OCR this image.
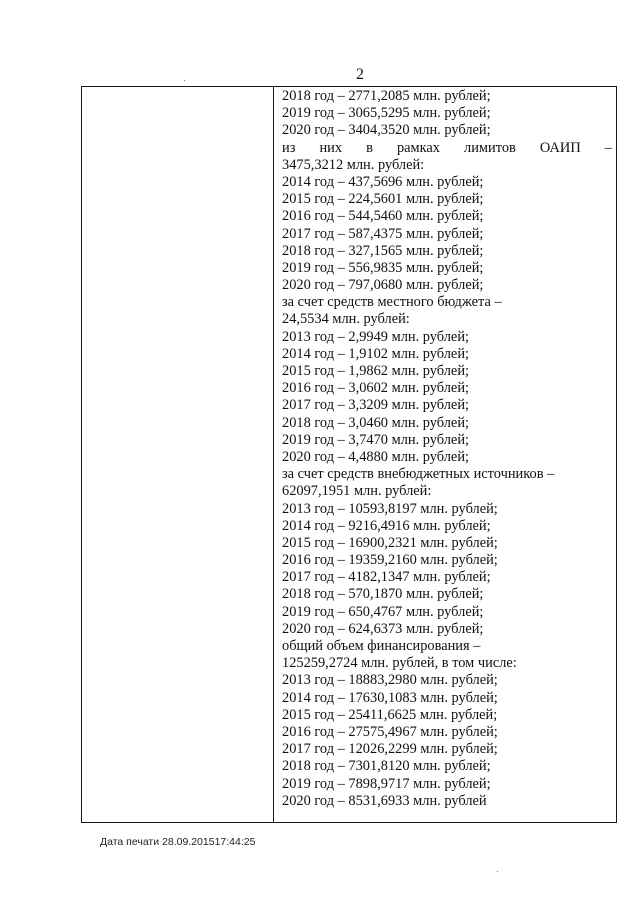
2
2018 год – 2771,2085 млн. рублей;
2019 год – 3065,5295 млн. рублей;
2020 год – 3404,3520 млн. рублей;
из них в рамках лимитов ОАИП –
3475,3212 млн. рублей:
2014 год – 437,5696 млн. рублей;
2015 год – 224,5601 млн. рублей;
2016 год – 544,5460 млн. рублей;
2017 год – 587,4375 млн. рублей;
2018 год – 327,1565 млн. рублей;
2019 год – 556,9835 млн. рублей;
2020 год – 797,0680 млн. рублей;
за счет средств местного бюджета –
24,5534 млн. рублей:
2013 год – 2,9949 млн. рублей;
2014 год – 1,9102 млн. рублей;
2015 год – 1,9862 млн. рублей;
2016 год – 3,0602 млн. рублей;
2017 год – 3,3209 млн. рублей;
2018 год – 3,0460 млн. рублей;
2019 год – 3,7470 млн. рублей;
2020 год – 4,4880 млн. рублей;
за счет средств внебюджетных источников –
62097,1951 млн. рублей:
2013 год – 10593,8197 млн. рублей;
2014 год – 9216,4916 млн. рублей;
2015 год – 16900,2321 млн. рублей;
2016 год – 19359,2160 млн. рублей;
2017 год – 4182,1347 млн. рублей;
2018 год – 570,1870 млн. рублей;
2019 год – 650,4767 млн. рублей;
2020 год – 624,6373 млн. рублей;
общий объем финансирования –
125259,2724 млн. рублей, в том числе:
2013 год – 18883,2980 млн. рублей;
2014 год – 17630,1083 млн. рублей;
2015 год – 25411,6625 млн. рублей;
2016 год – 27575,4967 млн. рублей;
2017 год – 12026,2299 млн. рублей;
2018 год – 7301,8120 млн. рублей;
2019 год – 7898,9717 млн. рублей;
2020 год – 8531,6933 млн. рублей
Дата печати 28.09.201517:44:25
